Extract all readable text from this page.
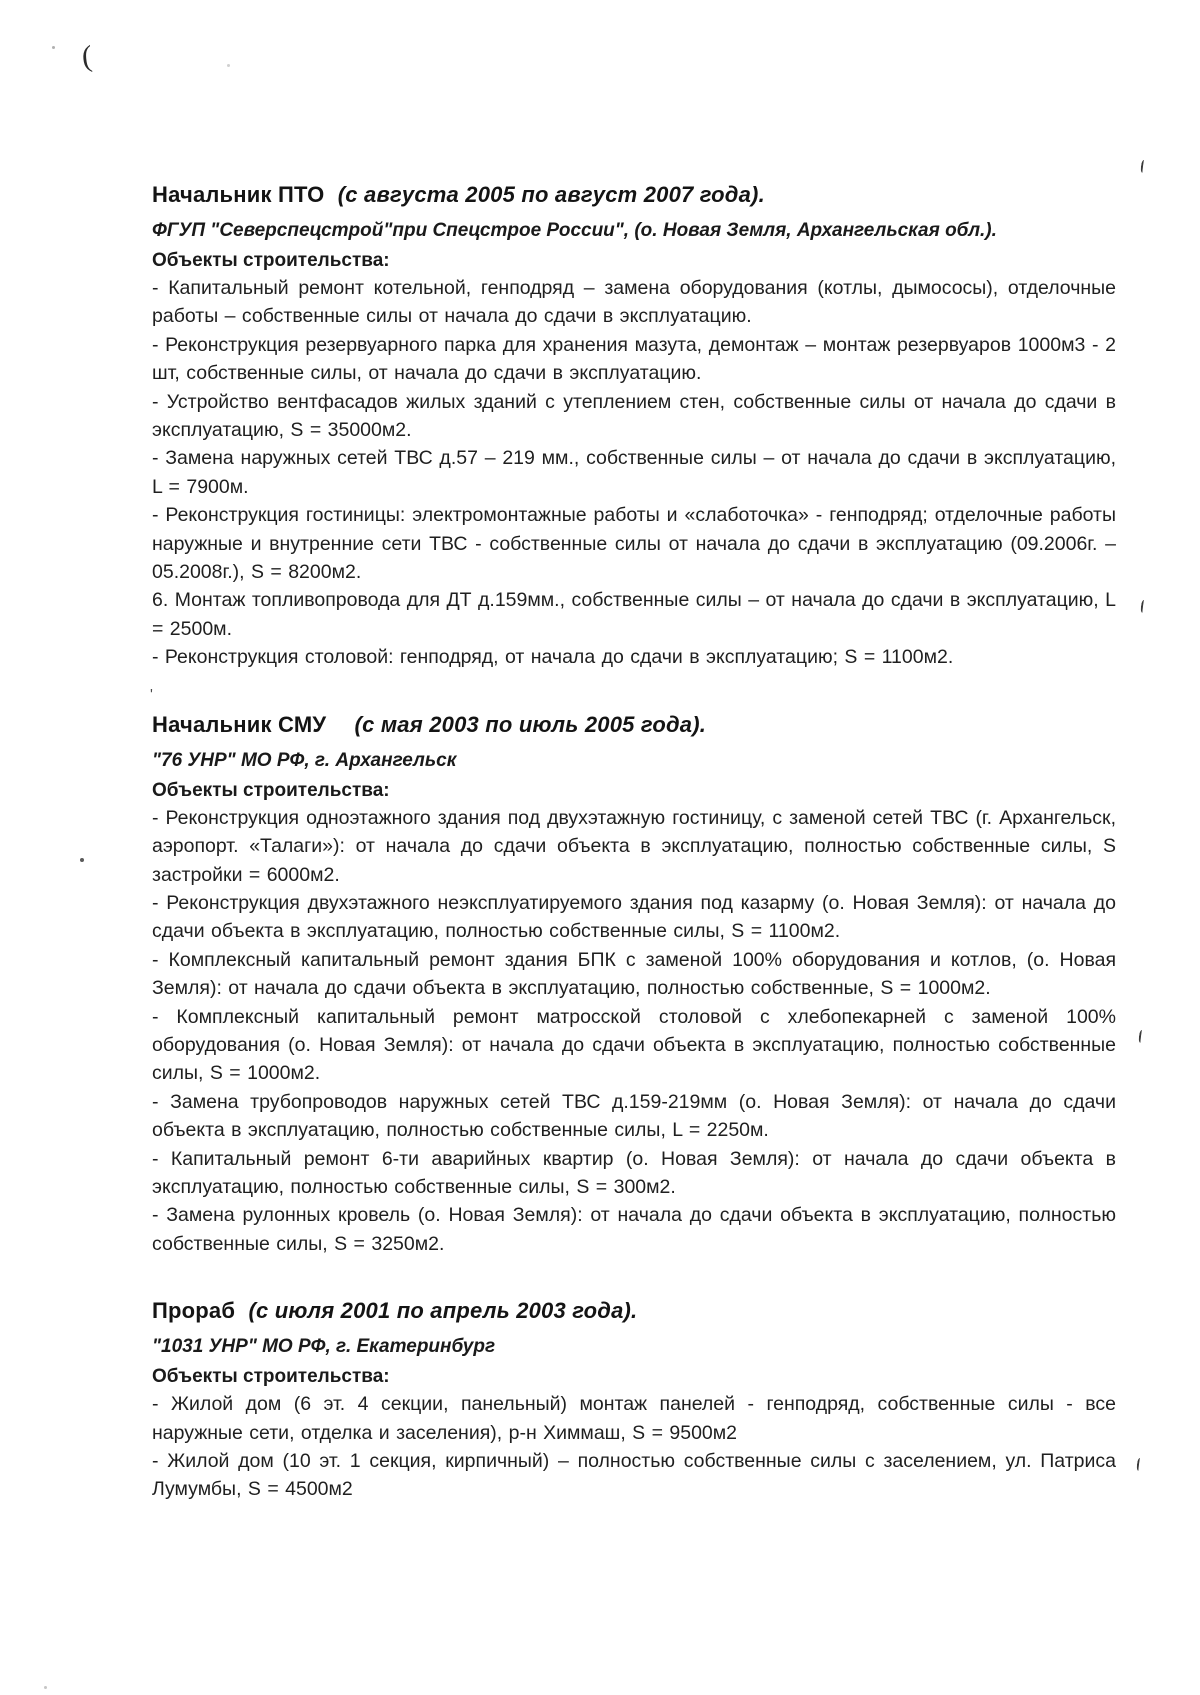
(
'
Начальник ПТО (с августа 2005 по август 2007 года).

ФГУП "Северспецстрой"при Спецстрое России", (о. Новая Земля, Архангельская обл.).

Объекты строительства:

- Капитальный ремонт котельной, генподряд – замена оборудования (котлы, дымососы), отделочные работы – собственные силы от начала до сдачи в эксплуатацию.

- Реконструкция резервуарного парка для хранения мазута, демонтаж – монтаж резервуаров 1000м3 - 2 шт, собственные силы, от начала до сдачи в эксплуатацию.

- Устройство вентфасадов жилых зданий с утеплением стен, собственные силы от начала до сдачи в эксплуатацию, S = 35000м2.

- Замена наружных сетей ТВС д.57 – 219 мм., собственные силы – от начала до сдачи в эксплуатацию, L = 7900м.

- Реконструкция гостиницы: электромонтажные работы и «слаботочка» - генподряд; отделочные работы наружные и внутренние сети ТВС - собственные силы от начала до сдачи в эксплуатацию (09.2006г. – 05.2008г.), S = 8200м2.

6. Монтаж топливопровода для ДТ д.159мм., собственные силы – от начала до сдачи в эксплуатацию, L = 2500м.

- Реконструкция столовой: генподряд, от начала до сдачи в эксплуатацию; S = 1100м2.

Начальник СМУ (с мая 2003 по июль 2005 года).

"76 УНР" МО РФ, г. Архангельск

Объекты строительства:

- Реконструкция одноэтажного здания под двухэтажную гостиницу, с заменой сетей ТВС (г. Архангельск, аэропорт. «Талаги»): от начала до сдачи объекта в эксплуатацию, полностью собственные силы, S застройки = 6000м2.

- Реконструкция двухэтажного неэксплуатируемого здания под казарму (о. Новая Земля): от начала до сдачи объекта в эксплуатацию, полностью собственные силы, S = 1100м2.

- Комплексный капитальный ремонт здания БПК с заменой 100% оборудования и котлов, (о. Новая Земля): от начала до сдачи объекта в эксплуатацию, полностью собственные, S = 1000м2.

- Комплексный капитальный ремонт матросской столовой с хлебопекарней с заменой 100% оборудования (о. Новая Земля): от начала до сдачи объекта в эксплуатацию, полностью собственные силы, S = 1000м2.

- Замена трубопроводов наружных сетей ТВС д.159-219мм (о. Новая Земля): от начала до сдачи объекта в эксплуатацию, полностью собственные силы, L = 2250м.

- Капитальный ремонт 6-ти аварийных квартир (о. Новая Земля): от начала до сдачи объекта в эксплуатацию, полностью собственные силы, S = 300м2.

- Замена рулонных кровель (о. Новая Земля): от начала до сдачи объекта в эксплуатацию, полностью собственные силы, S = 3250м2.

Прораб (с июля 2001 по апрель 2003 года).

"1031 УНР" МО РФ, г. Екатеринбург

Объекты строительства:

- Жилой дом (6 эт. 4 секции, панельный) монтаж панелей - генподряд, собственные силы - все наружные сети, отделка и заселения), р-н Химмаш, S = 9500м2

- Жилой дом (10 эт. 1 секция, кирпичный) – полностью собственные силы с заселением, ул. Патриса Лумумбы, S = 4500м2
